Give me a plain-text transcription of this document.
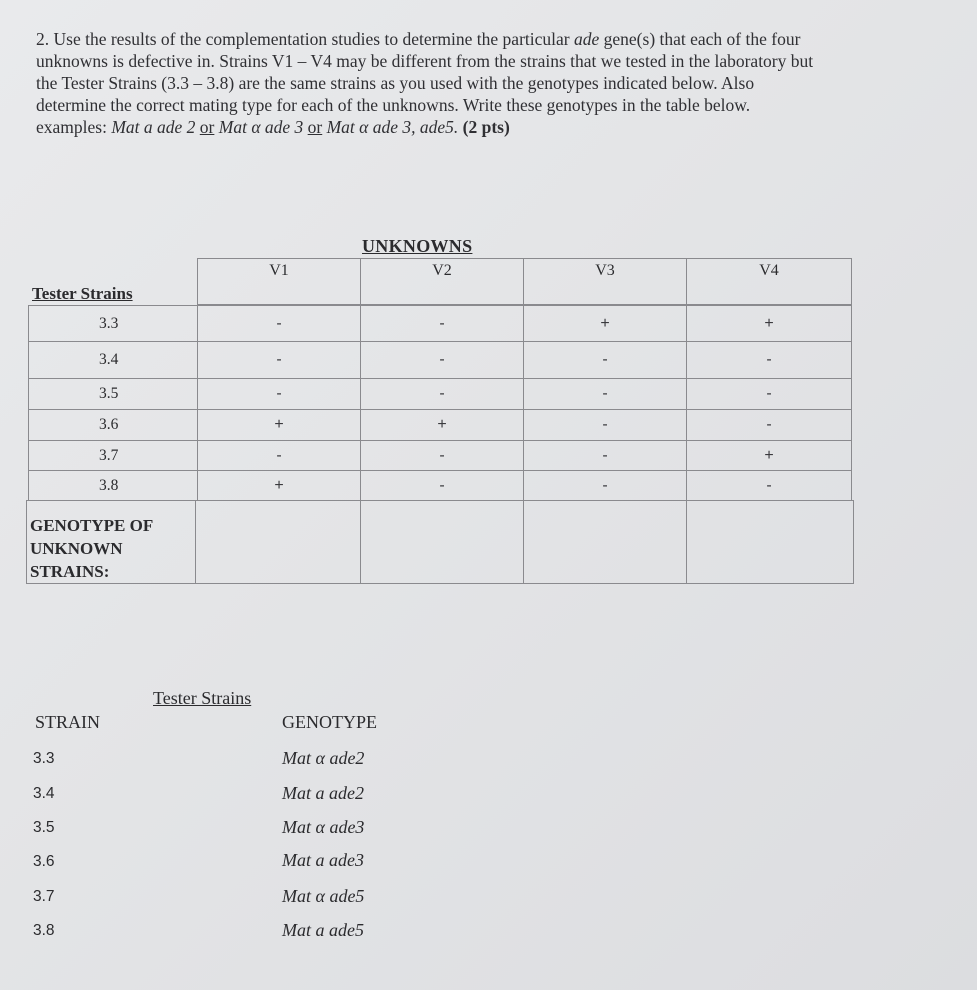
2. Use the results of the complementation studies to determine the particular ade gene(s) that each of the four

unknowns is defective in. Strains V1 – V4 may be different from the strains that we tested in the laboratory but

the Tester Strains (3.3 – 3.8) are the same strains as you used with the genotypes indicated below. Also

determine the correct mating type for each of the unknowns. Write these genotypes in the table below.

examples: Mat a ade 2 or Mat α ade 3 or Mat α ade 3, ade5. (2 pts)

UNKNOWNS
Tester Strains
V1	V2	V3	V4
3.3	-	-	+	+
3.4	-	-	-	-
3.5	-	-	-	-
3.6	+	+	-	-
3.7	-	-	-	+
3.8	+	-	-	-
GENOTYPE OF
UNKNOWN
STRAINS:
Tester Strains
STRAIN	GENOTYPE
3.3	Mat α ade2
3.4	Mat a ade2
3.5	Mat α ade3
3.6	Mat a ade3
3.7	Mat α ade5
3.8	Mat a ade5
